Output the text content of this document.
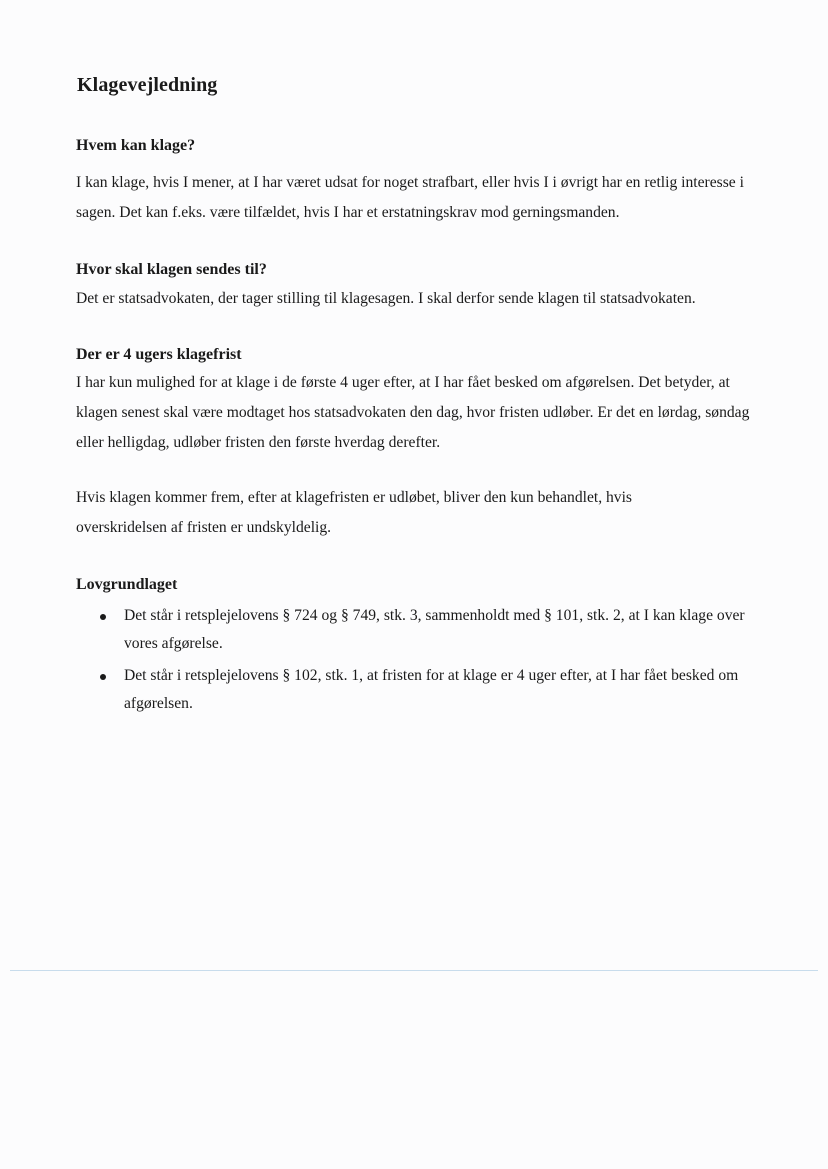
Klagevejledning
Hvem kan klage?

I kan klage, hvis I mener, at I har været udsat for noget strafbart, eller hvis I i øvrigt har en retlig interesse i sagen. Det kan f.eks. være tilfældet, hvis I har et erstatningskrav mod gerningsmanden.

Hvor skal klagen sendes til?

Det er statsadvokaten, der tager stilling til klagesagen. I skal derfor sende klagen til statsadvokaten.

Der er 4 ugers klagefrist

I har kun mulighed for at klage i de første 4 uger efter, at I har fået besked om afgørelsen. Det betyder, at klagen senest skal være modtaget hos statsadvokaten den dag, hvor fristen udløber. Er det en lørdag, søndag eller helligdag, udløber fristen den første hverdag derefter.

Hvis klagen kommer frem, efter at klagefristen er udløbet, bliver den kun behandlet, hvis overskridelsen af fristen er undskyldelig.

Lovgrundlaget
Det står i retsplejelovens § 724 og § 749, stk. 3, sammenholdt med § 101, stk. 2, at I kan klage over vores afgørelse.
Det står i retsplejelovens § 102, stk. 1, at fristen for at klage er 4 uger efter, at I har fået besked om afgørelsen.
